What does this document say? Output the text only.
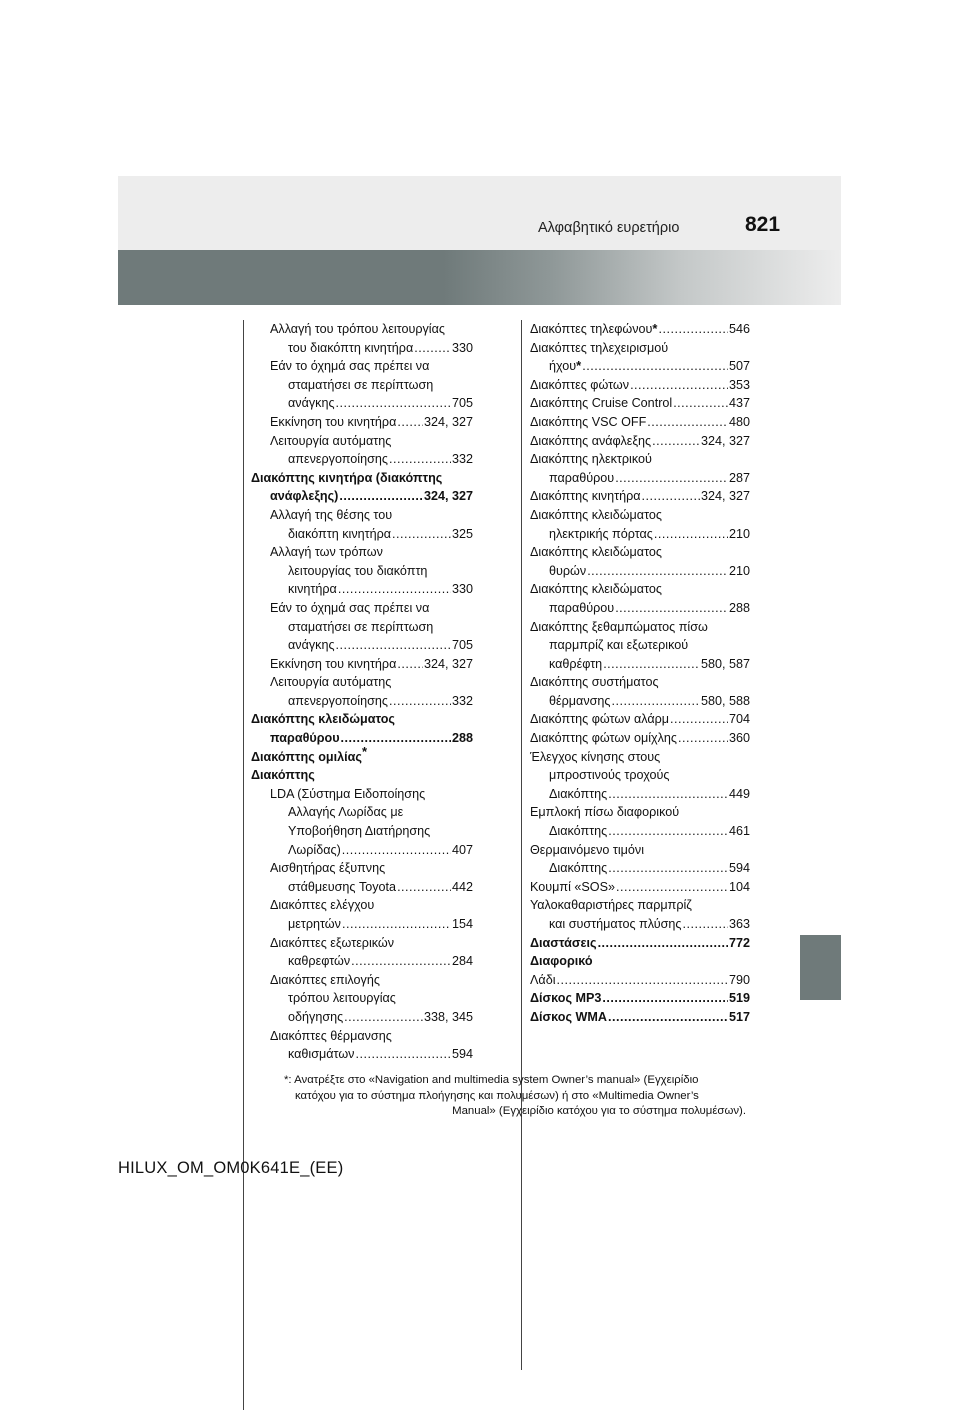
Αλφαβητικό ευρετήριο	821
Αλλαγή του τρόπου λειτουργίας
του διακόπτη κινητήρα .....	330
Εάν το όχημά σας πρέπει να
σταματήσει σε περίπτωση
ανάγκης .....	705
Εκκίνηση του κινητήρα ..... 324, 327
Λειτουργία αυτόματης
απενεργοποίησης .....	332
Διακόπτης κινητήρα (διακόπτης
ανάφλεξης) .....	324, 327
Αλλαγή της θέσης του
διακόπτη κινητήρα .....	325
Αλλαγή των τρόπων
λειτουργίας του διακόπτη
κινητήρα .....	330
Εάν το όχημά σας πρέπει να
σταματήσει σε περίπτωση
ανάγκης .....	705
Εκκίνηση του κινητήρα ..... 324, 327
Λειτουργία αυτόματης
απενεργοποίησης .....	332
Διακόπτης κλειδώματος
παραθύρου .....	288
Διακόπτης ομιλίας*
Διακόπτης
LDA (Σύστημα Ειδοποίησης
Αλλαγής Λωρίδας με
Υποβοήθηση Διατήρησης
Λωρίδας) .....	407
Αισθητήρας έξυπνης
στάθμευσης Toyota .....	442
Διακόπτες ελέγχου
μετρητών .....	154
Διακόπτες εξωτερικών
καθρεφτών .....	284
Διακόπτες επιλογής
τρόπου λειτουργίας
οδήγησης .....	338, 345
Διακόπτες θέρμανσης
καθισμάτων .....	594
Διακόπτες τηλεφώνου * .....	546
Διακόπτες τηλεχειρισμού
ήχου * .....	507
Διακόπτες φώτων .....	353
Διακόπτης Cruise Control .....	437
Διακόπτης VSC OFF .....	480
Διακόπτης ανάφλεξης .....	324, 327
Διακόπτης ηλεκτρικού
παραθύρου .....	287
Διακόπτης κινητήρα .....	324, 327
Διακόπτης κλειδώματος
ηλεκτρικής πόρτας .....	210
Διακόπτης κλειδώματος
θυρών .....	210
Διακόπτης κλειδώματος
παραθύρου .....	288
Διακόπτης ξεθαμπώματος πίσω
παρμπρίζ και εξωτερικού
καθρέφτη .....	580, 587
Διακόπτης συστήματος
θέρμανσης .....	580, 588
Διακόπτης φώτων αλάρμ .....	704
Διακόπτης φώτων ομίχλης .....	360
Έλεγχος κίνησης στους
μπροστινούς τροχούς
Διακόπτης .....	449
Εμπλοκή πίσω διαφορικού
Διακόπτης .....	461
Θερμαινόμενο τιμόνι
Διακόπτης .....	594
Κουμπί «SOS» .....	104
Υαλοκαθαριστήρες παρμπρίζ
και συστήματος πλύσης .....	363
Διαστάσεις .....	772
Διαφορικό
Λάδι .....	790
Δίσκος MP3 .....	519
Δίσκος WMA .....	517
*: Ανατρέξτε στο «Navigation and multimedia system Owner’s manual» (Εγχειρίδιο
κατόχου για το σύστημα πλοήγησης και πολυμέσων) ή στο «Multimedia Owner’s
Manual» (Εγχειρίδιο κατόχου για το σύστημα πολυμέσων).
HILUX_OM_OM0K641E_(EE)
